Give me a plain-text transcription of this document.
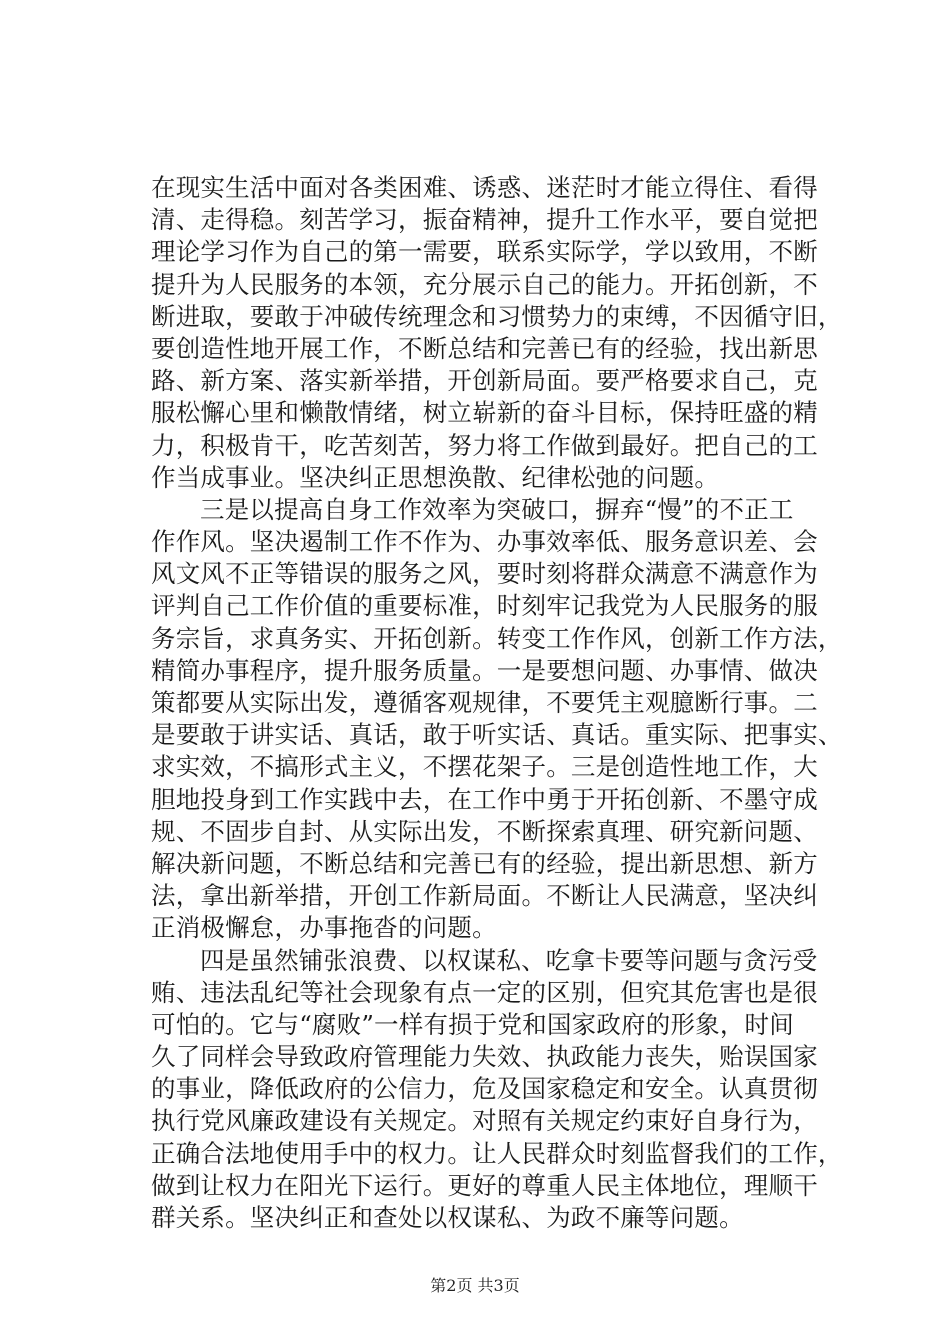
在现实生活中面对各类困难、诱惑、迷茫时才能立得住、看得
清、走得稳。刻苦学习，振奋精神，提升工作水平，要自觉把
理论学习作为自己的第一需要，联系实际学，学以致用，不断
提升为人民服务的本领，充分展示自己的能力。开拓创新，不
断进取，要敢于冲破传统理念和习惯势力的束缚，不因循守旧，
要创造性地开展工作，不断总结和完善已有的经验，找出新思
路、新方案、落实新举措，开创新局面。要严格要求自己，克
服松懈心里和懒散情绪，树立崭新的奋斗目标，保持旺盛的精
力，积极肯干，吃苦刻苦，努力将工作做到最好。把自己的工
作当成事业。坚决纠正思想涣散、纪律松弛的问题。
三是以提高自身工作效率为突破口，摒弃“慢”的不正工
作作风。坚决遏制工作不作为、办事效率低、服务意识差、会
风文风不正等错误的服务之风，要时刻将群众满意不满意作为
评判自己工作价值的重要标准，时刻牢记我党为人民服务的服
务宗旨，求真务实、开拓创新。转变工作作风，创新工作方法，
精简办事程序，提升服务质量。一是要想问题、办事情、做决
策都要从实际出发，遵循客观规律，不要凭主观臆断行事。二
是要敢于讲实话、真话，敢于听实话、真话。重实际、把事实、
求实效，不搞形式主义，不摆花架子。三是创造性地工作，大
胆地投身到工作实践中去，在工作中勇于开拓创新、不墨守成
规、不固步自封、从实际出发，不断探索真理、研究新问题、
解决新问题，不断总结和完善已有的经验，提出新思想、新方
法，拿出新举措，开创工作新局面。不断让人民满意，坚决纠
正消极懈怠，办事拖沓的问题。
四是虽然铺张浪费、以权谋私、吃拿卡要等问题与贪污受
贿、违法乱纪等社会现象有点一定的区别，但究其危害也是很
可怕的。它与“腐败”一样有损于党和国家政府的形象，时间
久了同样会导致政府管理能力失效、执政能力丧失，贻误国家
的事业，降低政府的公信力，危及国家稳定和安全。认真贯彻
执行党风廉政建设有关规定。对照有关规定约束好自身行为，
正确合法地使用手中的权力。让人民群众时刻监督我们的工作，
做到让权力在阳光下运行。更好的尊重人民主体地位，理顺干
群关系。坚决纠正和查处以权谋私、为政不廉等问题。
第2页 共3页
